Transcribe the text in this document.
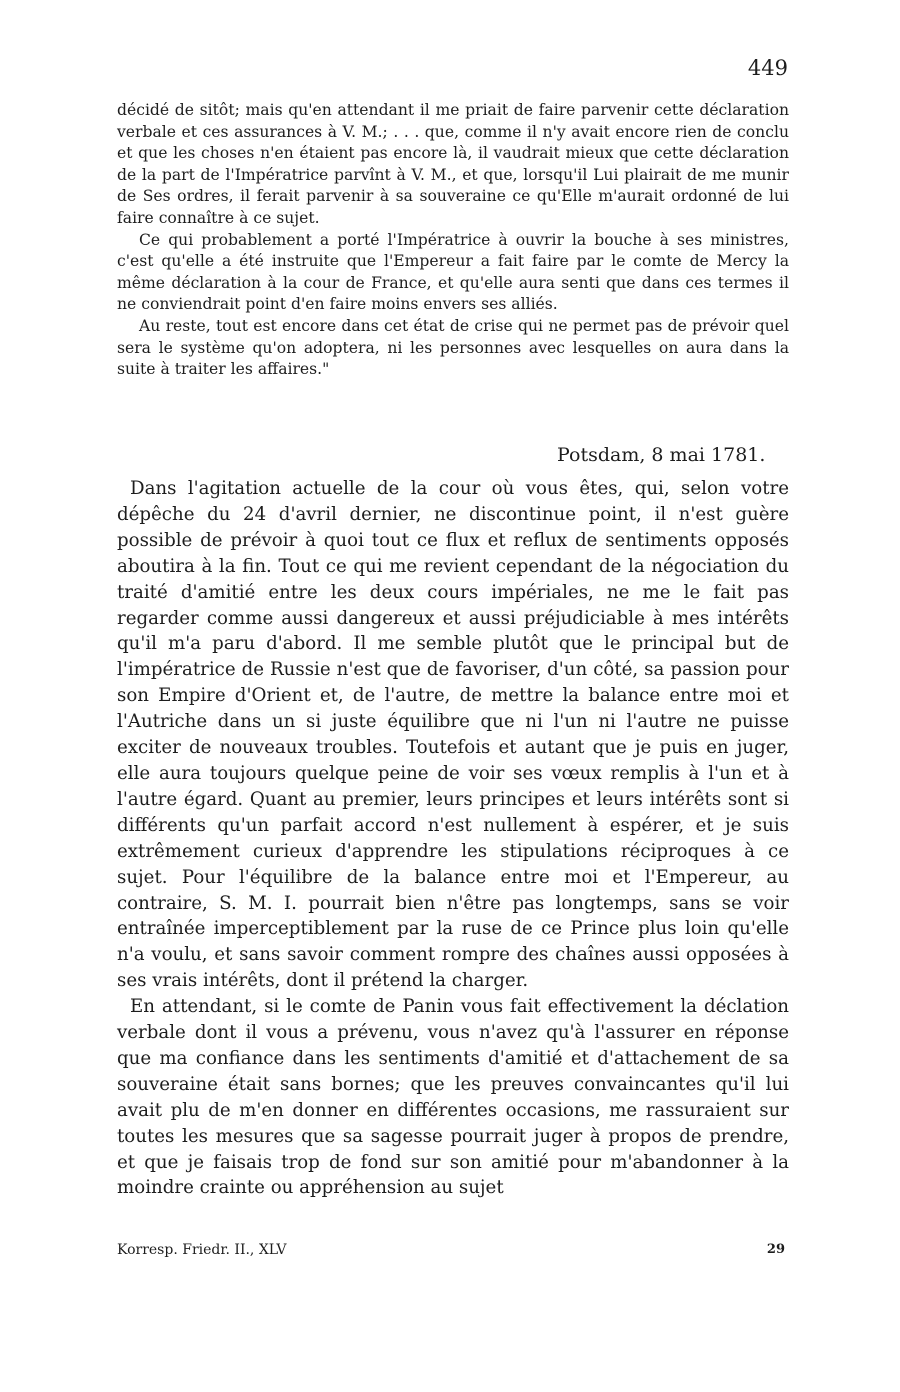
449

décidé de sitôt; mais qu'en attendant il me priait de faire parvenir cette déclaration verbale et ces assurances à V. M.; . . . que, comme il n'y avait encore rien de conclu et que les choses n'en étaient pas encore là, il vaudrait mieux que cette déclaration de la part de l'Impératrice parvînt à V. M., et que, lorsqu'il Lui plairait de me munir de Ses ordres, il ferait parvenir à sa souveraine ce qu'Elle m'aurait ordonné de lui faire connaître à ce sujet.

Ce qui probablement a porté l'Impératrice à ouvrir la bouche à ses ministres, c'est qu'elle a été instruite que l'Empereur a fait faire par le comte de Mercy la même déclaration à la cour de France, et qu'elle aura senti que dans ces termes il ne conviendrait point d'en faire moins envers ses alliés.

Au reste, tout est encore dans cet état de crise qui ne permet pas de prévoir quel sera le système qu'on adoptera, ni les personnes avec lesquelles on aura dans la suite à traiter les affaires."

Potsdam, 8 mai 1781.

Dans l'agitation actuelle de la cour où vous êtes, qui, selon votre dépêche du 24 d'avril dernier, ne discontinue point, il n'est guère possible de prévoir à quoi tout ce flux et reflux de sentiments opposés aboutira à la fin. Tout ce qui me revient cependant de la négociation du traité d'amitié entre les deux cours impériales, ne me le fait pas regarder comme aussi dangereux et aussi préjudiciable à mes intérêts qu'il m'a paru d'abord. Il me semble plutôt que le principal but de l'impératrice de Russie n'est que de favoriser, d'un côté, sa passion pour son Empire d'Orient et, de l'autre, de mettre la balance entre moi et l'Autriche dans un si juste équilibre que ni l'un ni l'autre ne puisse exciter de nouveaux troubles. Toutefois et autant que je puis en juger, elle aura toujours quelque peine de voir ses vœux remplis à l'un et à l'autre égard. Quant au premier, leurs principes et leurs intérêts sont si différents qu'un parfait accord n'est nullement à espérer, et je suis extrêmement curieux d'apprendre les stipulations réciproques à ce sujet. Pour l'équilibre de la balance entre moi et l'Empereur, au contraire, S. M. I. pourrait bien n'être pas longtemps, sans se voir entraînée imperceptiblement par la ruse de ce Prince plus loin qu'elle n'a voulu, et sans savoir comment rompre des chaînes aussi opposées à ses vrais intérêts, dont il prétend la charger.

En attendant, si le comte de Panin vous fait effectivement la déclation verbale dont il vous a prévenu, vous n'avez qu'à l'assurer en réponse que ma confiance dans les sentiments d'amitié et d'attachement de sa souveraine était sans bornes; que les preuves convaincantes qu'il lui avait plu de m'en donner en différentes occasions, me rassuraient sur toutes les mesures que sa sagesse pourrait juger à propos de prendre, et que je faisais trop de fond sur son amitié pour m'abandonner à la moindre crainte ou appréhension au sujet

Korresp. Friedr. II., XLV	29
